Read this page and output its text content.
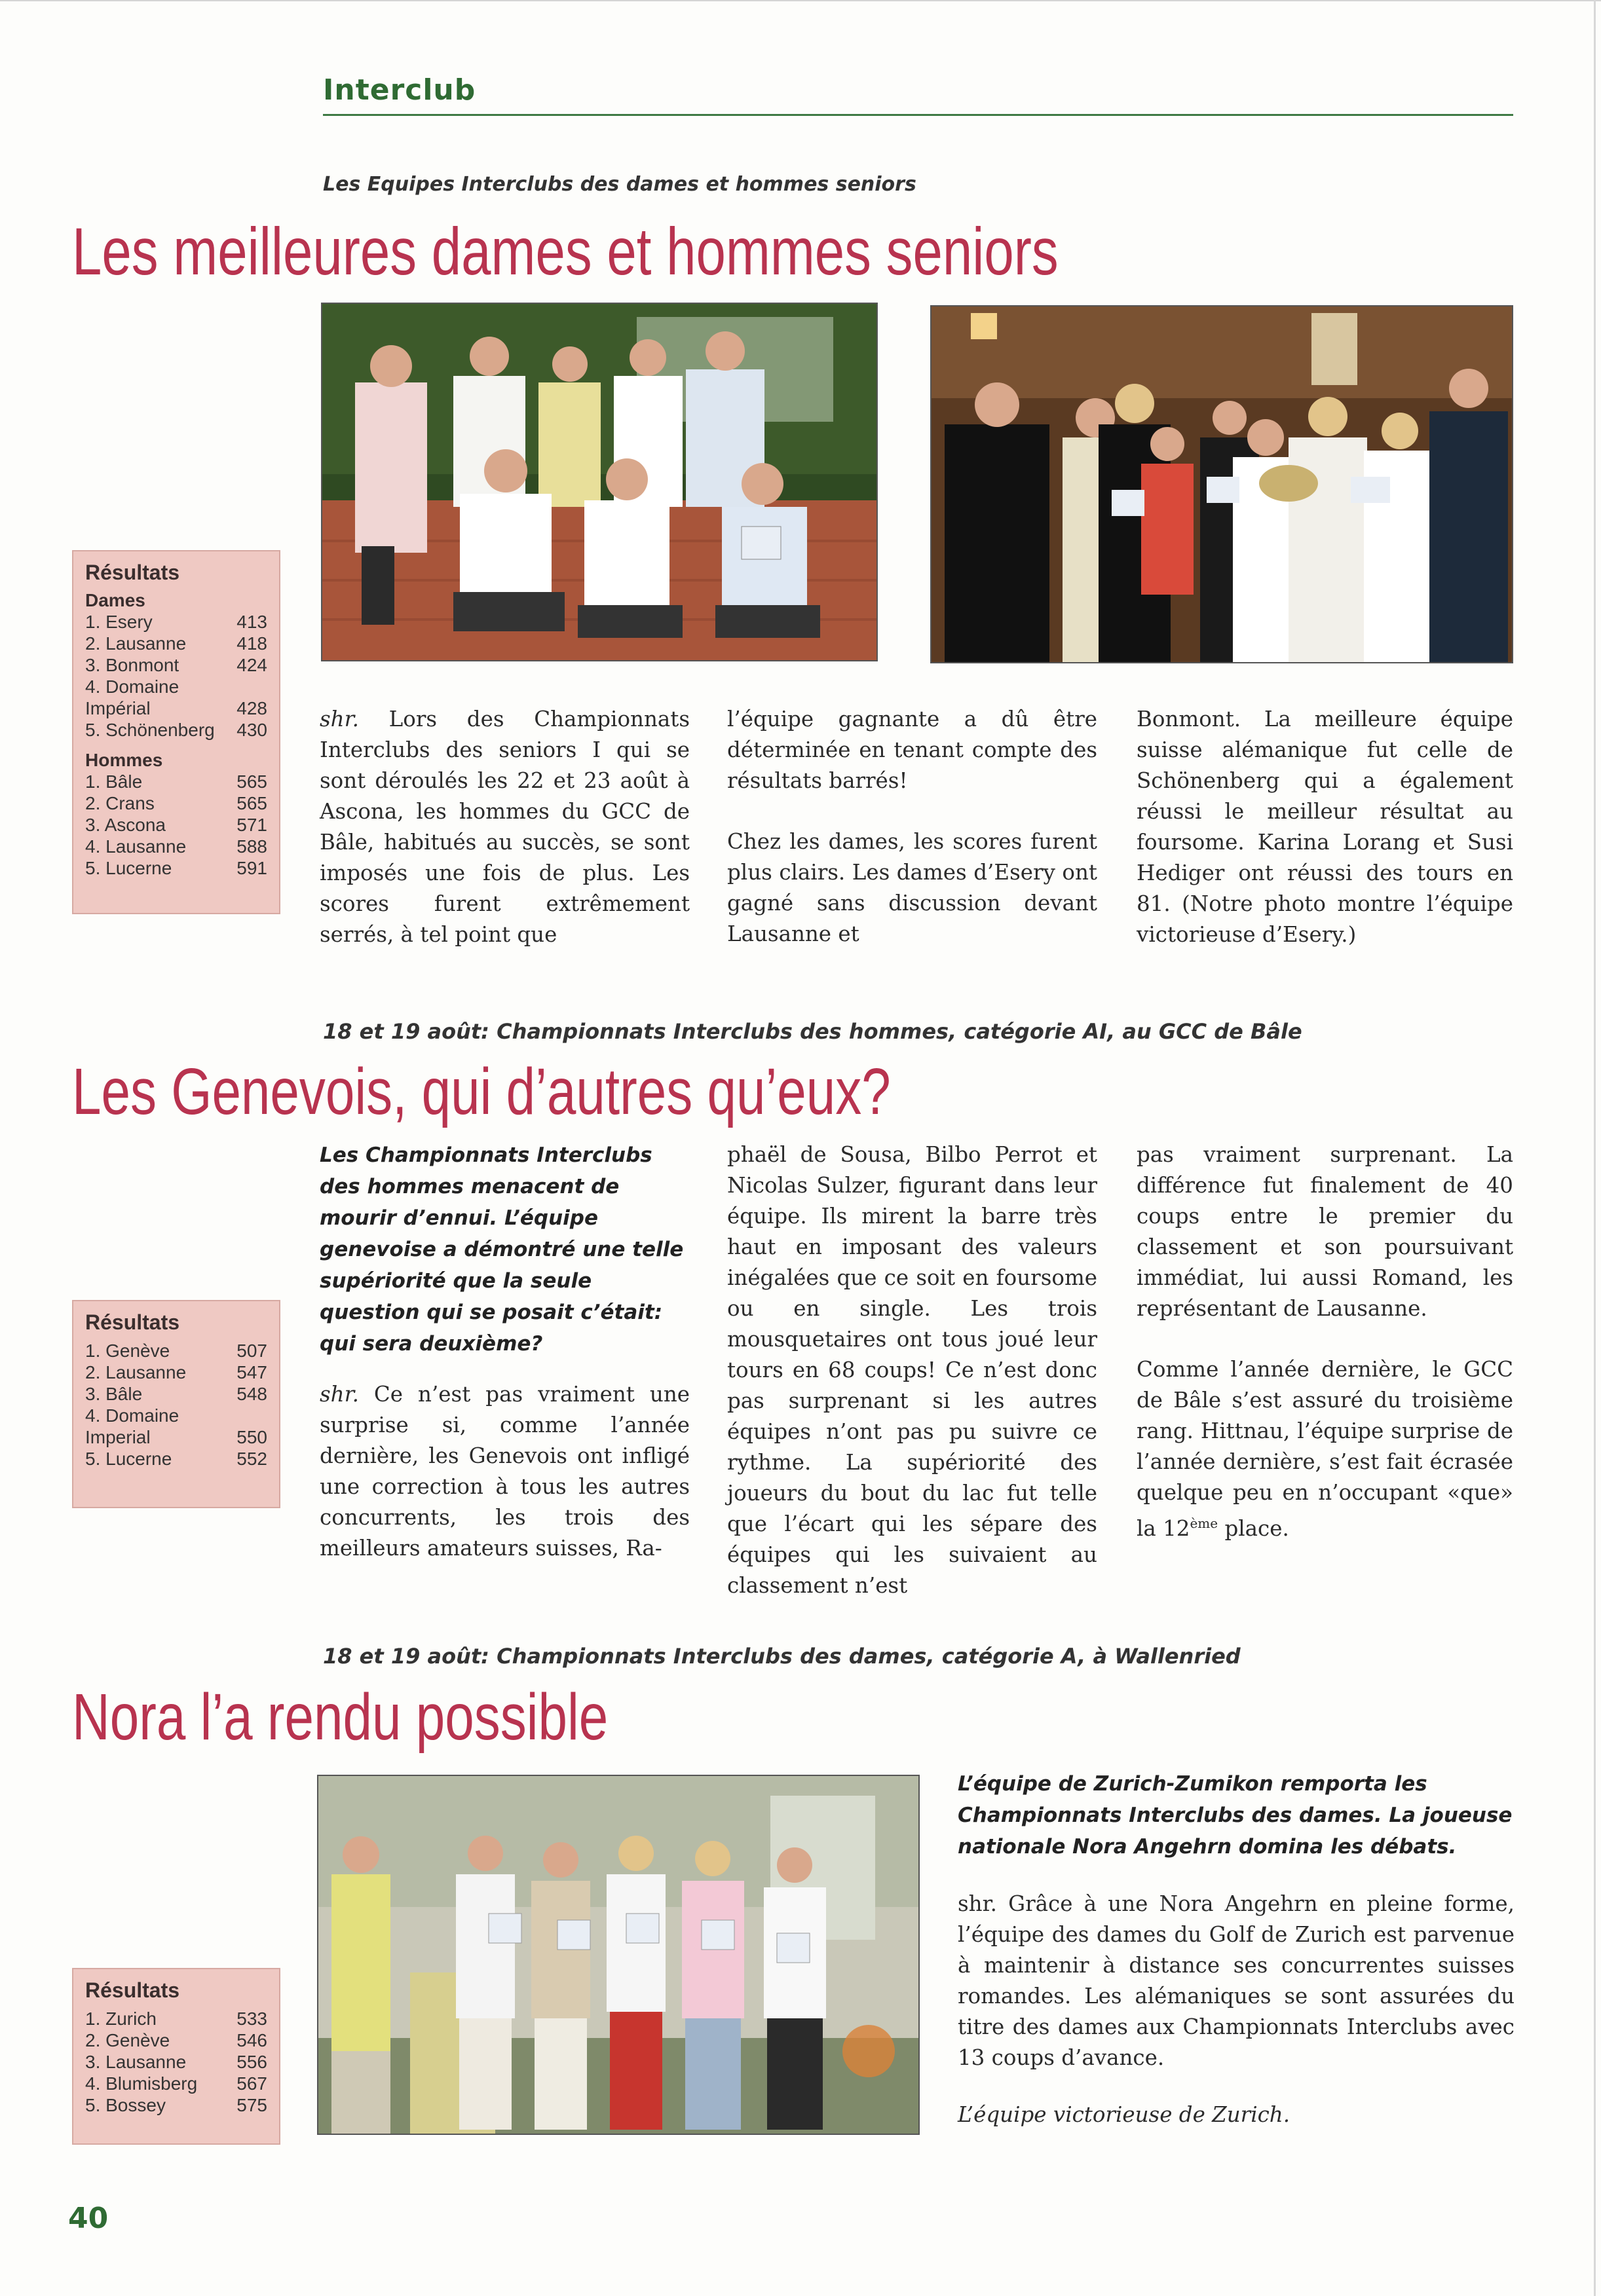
Interclub
Les Equipes Interclubs des dames et hommes seniors
Les meilleures dames et hommes seniors
Résultats
Dames
1. Esery	413
2. Lausanne	418
3. Bonmont	424
4. Domaine Impérial	428
5. Schönenberg	430
Hommes
1. Bâle	565
2. Crans	565
3. Ascona	571
4. Lausanne	588
5. Lucerne	591

shr. Lors des Championnats Interclubs des seniors I qui se sont déroulés les 22 et 23 août à Ascona, les hommes du GCC de Bâle, habitués au succès, se sont imposés une fois de plus. Les scores furent extrêmement serrés, à tel point que

l’équipe gagnante a dû être déterminée en tenant compte des résultats barrés!

Chez les dames, les scores furent plus clairs. Les dames d’Esery ont gagné sans discussion devant Lausanne et

Bonmont. La meilleure équipe suisse alémanique fut celle de Schönenberg qui a également réussi le meilleur résultat au foursome. Karina Lorang et Susi Hediger ont réussi des tours en 81. (Notre photo montre l’équipe victorieuse d’Esery.)

18 et 19 août: Championnats Interclubs des hommes, catégorie AI, au GCC de Bâle
Les Genevois, qui d’autres qu’eux?
Résultats
1. Genève	507
2. Lausanne	547
3. Bâle	548
4. Domaine Imperial	550
5. Lucerne	552

Les Championnats Interclubs des hommes menacent de mourir d’ennui. L’équipe genevoise a démontré une telle supériorité que la seule question qui se posait c’était: qui sera deuxième?

shr. Ce n’est pas vraiment une surprise si, comme l’année dernière, les Genevois ont infligé une correction à tous les autres concurrents, les trois des meilleurs amateurs suisses, Ra-

phaël de Sousa, Bilbo Perrot et Nicolas Sulzer, figurant dans leur équipe. Ils mirent la barre très haut en imposant des valeurs inégalées que ce soit en foursome ou en single. Les trois mousquetaires ont tous joué leur tours en 68 coups! Ce n’est donc pas surprenant si les autres équipes n’ont pas pu suivre ce rythme. La supériorité des joueurs du bout du lac fut telle que l’écart qui les sépare des équipes qui les suivaient au classement n’est

pas vraiment surprenant. La différence fut finalement de 40 coups entre le premier du classement et son poursuivant immédiat, lui aussi Romand, les représentant de Lausanne.

Comme l’année dernière, le GCC de Bâle s’est assuré du troisième rang. Hittnau, l’équipe surprise de l’année dernière, s’est fait écrasée quelque peu en n’occupant «que» la 12ème place.

18 et 19 août: Championnats Interclubs des dames, catégorie A, à Wallenried
Nora l’a rendu possible
Résultats
1. Zurich	533
2. Genève	546
3. Lausanne	556
4. Blumisberg	567
5. Bossey	575

L’équipe de Zurich-Zumikon remporta les Championnats Interclubs des dames. La joueuse nationale Nora Angehrn domina les débats.

shr. Grâce à une Nora Angehrn en pleine forme, l’équipe des dames du Golf de Zurich est parvenue à maintenir à distance ses concurrentes suisses romandes. Les alémaniques se sont assurées du titre des dames aux Championnats Interclubs avec 13 coups d’avance.

L’équipe victorieuse de Zurich.

40
